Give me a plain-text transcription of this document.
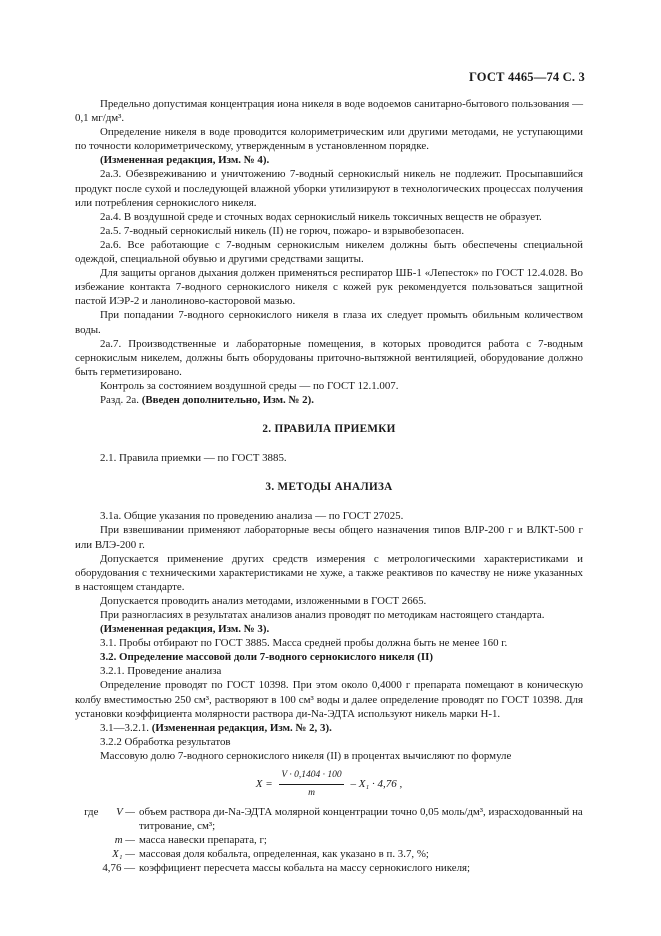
ГОСТ 4465—74 С. 3

Предельно допустимая концентрация иона никеля в воде водоемов санитарно-бытового пользования — 0,1 мг/дм³.

Определение никеля в воде проводится колориметрическим или другими методами, не уступающими по точности колориметрическому, утвержденным в установленном порядке.

(Измененная редакция, Изм. № 4).

2а.3. Обезвреживанию и уничтожению 7-водный сернокислый никель не подлежит. Просыпавшийся продукт после сухой и последующей влажной уборки утилизируют в технологических процессах получения или потребления сернокислого никеля.

2а.4. В воздушной среде и сточных водах сернокислый никель токсичных веществ не образует.

2а.5. 7-водный сернокислый никель (II) не горюч, пожаро- и взрывобезопасен.

2а.6. Все работающие с 7-водным сернокислым никелем должны быть обеспечены специальной одеждой, специальной обувью и другими средствами защиты.

Для защиты органов дыхания должен применяться респиратор ШБ-1 «Лепесток» по ГОСТ 12.4.028. Во избежание контакта 7-водного сернокислого никеля с кожей рук рекомендуется пользоваться защитной пастой ИЭР-2 и ланолиново-касторовой мазью.

При попадании 7-водного сернокислого никеля в глаза их следует промыть обильным количеством воды.

2а.7. Производственные и лабораторные помещения, в которых проводится работа с 7-водным сернокислым никелем, должны быть оборудованы приточно-вытяжной вентиляцией, оборудование должно быть герметизировано.

Контроль за состоянием воздушной среды — по ГОСТ 12.1.007.

Разд. 2а. (Введен дополнительно, Изм. № 2).

2. ПРАВИЛА ПРИЕМКИ

2.1. Правила приемки — по ГОСТ 3885.

3. МЕТОДЫ АНАЛИЗА

3.1а. Общие указания по проведению анализа — по ГОСТ 27025.

При взвешивании применяют лабораторные весы общего назначения типов ВЛР-200 г и ВЛКТ-500 г или ВЛЭ-200 г.

Допускается применение других средств измерения с метрологическими характеристиками и оборудования с техническими характеристиками не хуже, а также реактивов по качеству не ниже указанных в настоящем стандарте.

Допускается проводить анализ методами, изложенными в ГОСТ 2665.

При разногласиях в результатах анализов анализ проводят по методикам настоящего стандарта.

(Измененная редакция, Изм. № 3).

3.1. Пробы отбирают по ГОСТ 3885. Масса средней пробы должна быть не менее 160 г.

3.2. Определение массовой доли 7-водного сернокислого никеля (II)

3.2.1. Проведение анализа

Определение проводят по ГОСТ 10398. При этом около 0,4000 г препарата помещают в коническую колбу вместимостью 250 см³, растворяют в 100 см³ воды и далее определение проводят по ГОСТ 10398. Для установки коэффициента молярности раствора ди-Na-ЭДТА используют никель марки Н-1.

3.1—3.2.1. (Измененная редакция, Изм. № 2, 3).

3.2.2 Обработка результатов

Массовую долю 7-водного сернокислого никеля (II) в процентах вычисляют по формуле

$X = \frac{V \cdot 0,1404 \cdot 100}{m} - X_1 \cdot 4,76$ ,
где V — объем раствора ди-Na-ЭДТА молярной концентрации точно 0,05 моль/дм³, израсходованный на титрование, см³;
m — масса навески препарата, г;
X₁ — массовая доля кобальта, определенная, как указано в п. 3.7, %;
4,76 — коэффициент пересчета массы кобальта на массу сернокислого никеля;
